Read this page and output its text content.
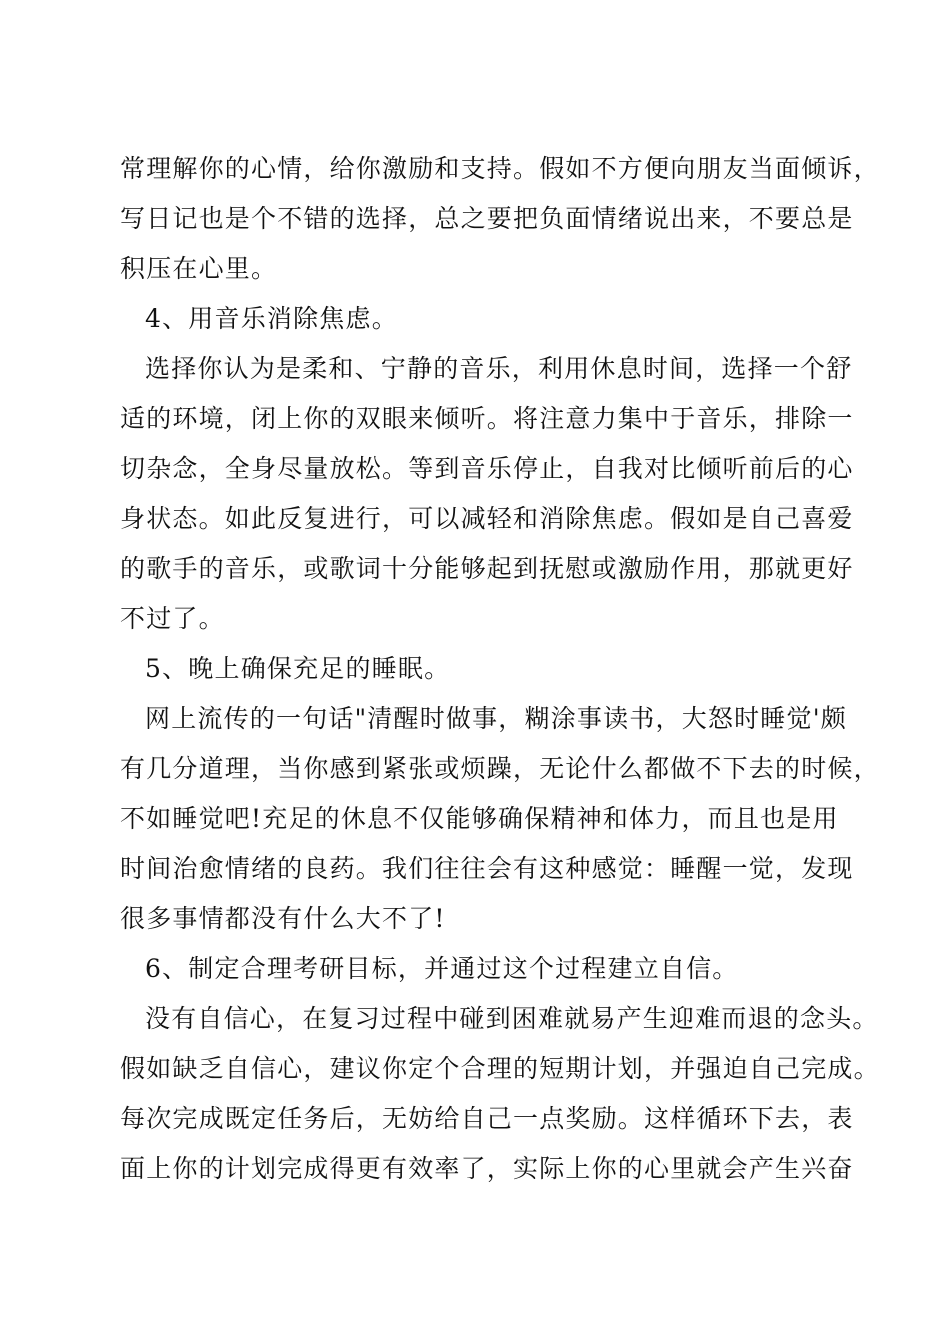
常理解你的心情，给你激励和支持。假如不方便向朋友当面倾诉，
写日记也是个不错的选择，总之要把负面情绪说出来，不要总是
积压在心里。
4、用音乐消除焦虑。
选择你认为是柔和、宁静的音乐，利用休息时间，选择一个舒
适的环境，闭上你的双眼来倾听。将注意力集中于音乐，排除一
切杂念，全身尽量放松。等到音乐停止，自我对比倾听前后的心
身状态。如此反复进行，可以减轻和消除焦虑。假如是自己喜爱
的歌手的音乐，或歌词十分能够起到抚慰或激励作用，那就更好
不过了。
5、晚上确保充足的睡眠。
网上流传的一句话"清醒时做事，糊涂事读书，大怒时睡觉'颇
有几分道理，当你感到紧张或烦躁，无论什么都做不下去的时候，
不如睡觉吧!充足的休息不仅能够确保精神和体力，而且也是用
时间治愈情绪的良药。我们往往会有这种感觉：睡醒一觉，发现
很多事情都没有什么大不了!
6、制定合理考研目标，并通过这个过程建立自信。
没有自信心，在复习过程中碰到困难就易产生迎难而退的念头。
假如缺乏自信心，建议你定个合理的短期计划，并强迫自己完成。
每次完成既定任务后，无妨给自己一点奖励。这样循环下去，表
面上你的计划完成得更有效率了，实际上你的心里就会产生兴奋
